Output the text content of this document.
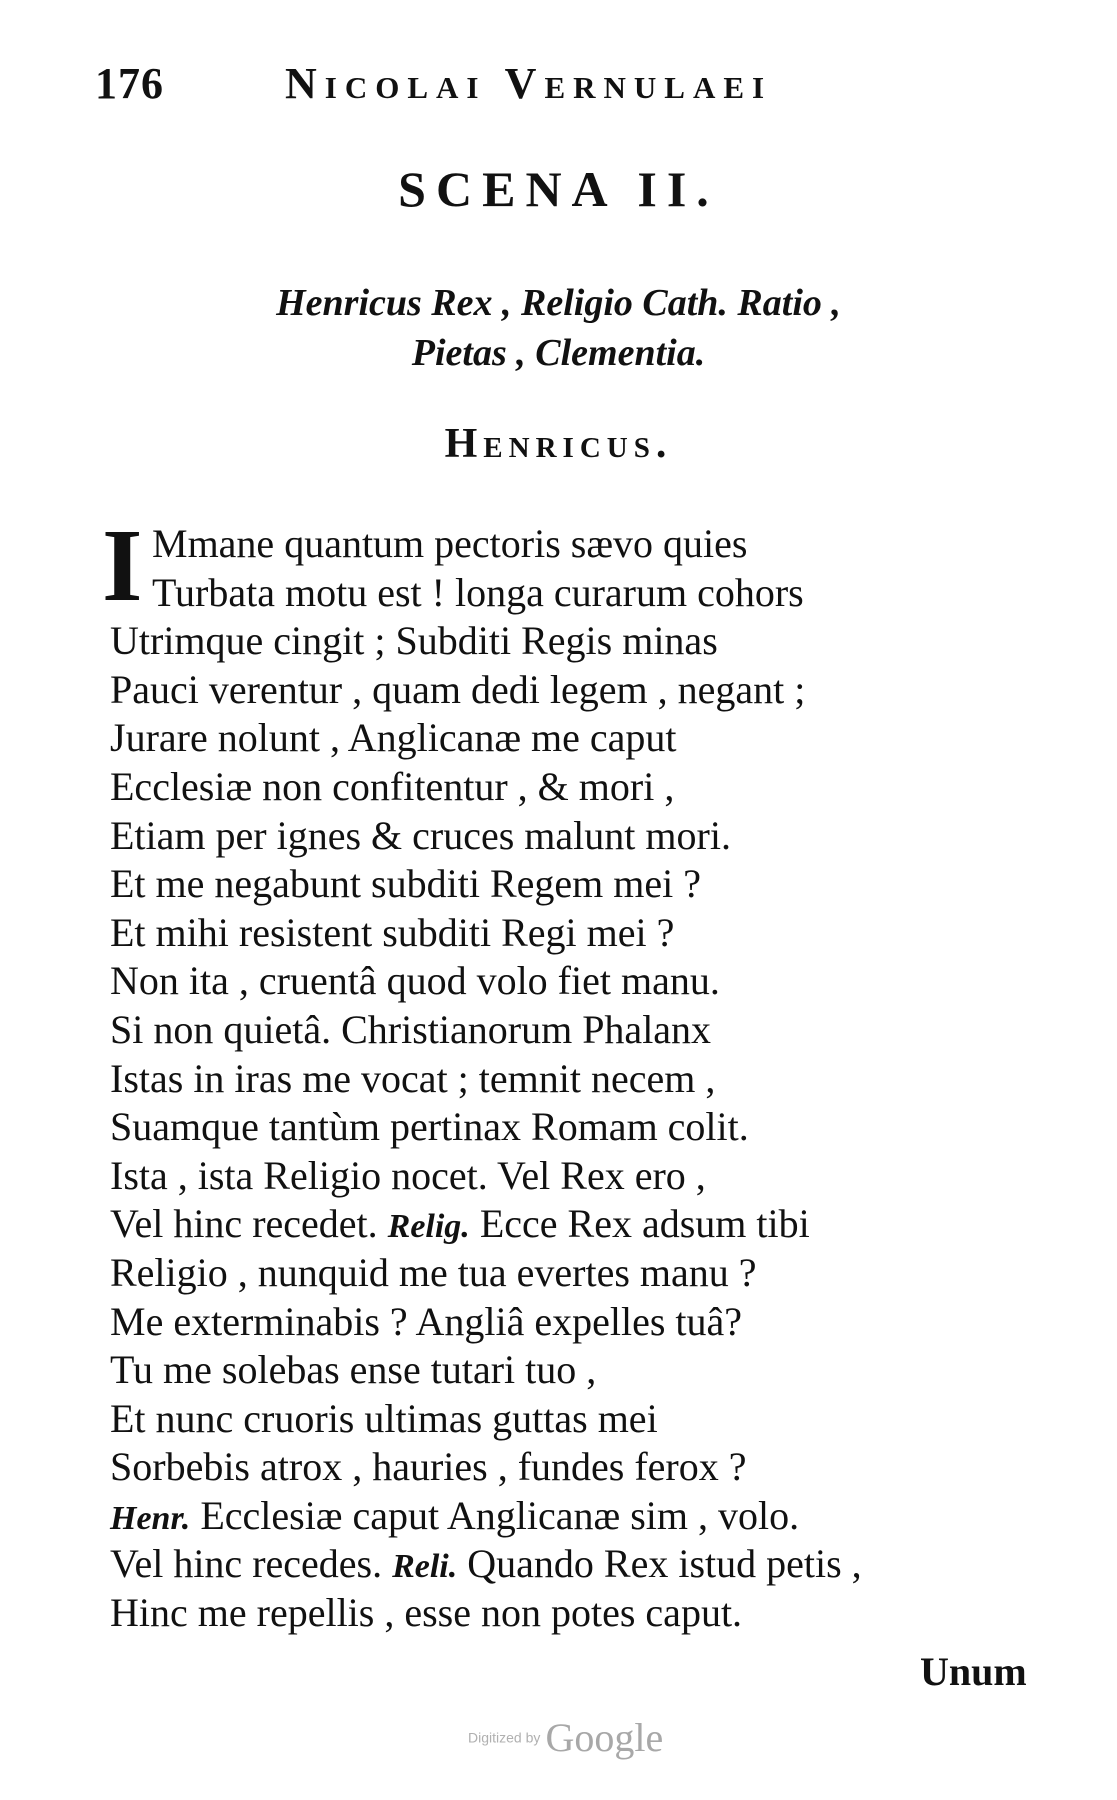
176	Nicolai Vernulaei
SCENA II.
Henricus Rex , Religio Cath. Ratio ,
Pietas , Clementia.
Henricus.
I Mmane quantum pectoris sævo quies
Turbata motu est ! longa curarum cohors
Utrimque cingit ; Subditi Regis minas
Pauci verentur , quam dedi legem , negant ;
Jurare nolunt , Anglicanæ me caput
Ecclesiæ non confitentur , & mori ,
Etiam per ignes & cruces malunt mori.
Et me negabunt subditi Regem mei ?
Et mihi resistent subditi Regi mei ?
Non ita , cruentâ quod volo fiet manu.
Si non quietâ. Christianorum Phalanx
Istas in iras me vocat ; temnit necem ,
Suamque tantùm pertinax Romam colit.
Ista , ista Religio nocet. Vel Rex ero ,
Vel hinc recedet. Relig. Ecce Rex adsum tibi
Religio , nunquid me tua evertes manu ?
Me exterminabis ? Angliâ expelles tuâ?
Tu me solebas ense tutari tuo ,
Et nunc cruoris ultimas guttas mei
Sorbebis atrox , hauries , fundes ferox ?
Henr. Ecclesiæ caput Anglicanæ sim , volo.
Vel hinc recedes. Reli. Quando Rex istud petis ,
Hinc me repellis , esse non potes caput.
Unum
Digitized by Google
